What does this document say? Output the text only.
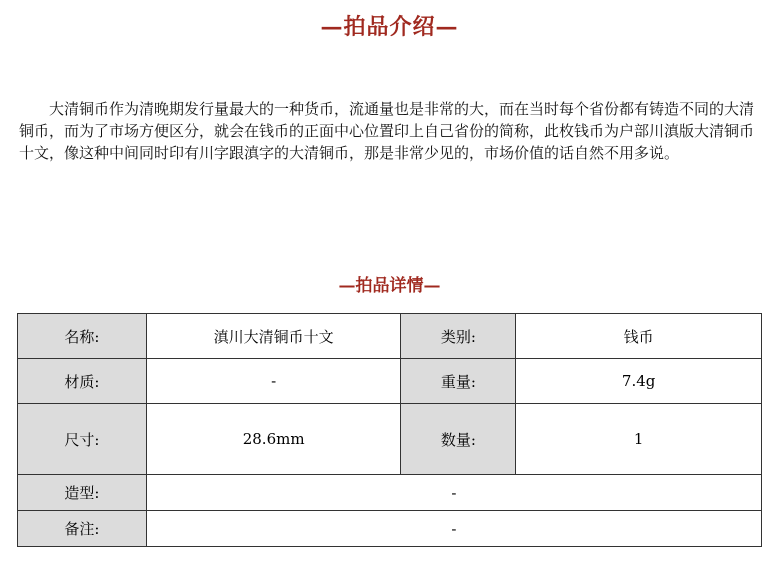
—拍品介绍—

大清铜币作为清晚期发行量最大的一种货币，流通量也是非常的大，而在当时每个省份都有铸造不同的大清铜币，而为了市场方便区分，就会在钱币的正面中心位置印上自己省份的简称，此枚钱币为户部川滇版大清铜币十文，像这种中间同时印有川字跟滇字的大清铜币，那是非常少见的，市场价值的话自然不用多说。

—拍品详情—
名称:	滇川大清铜币十文	类别:	钱币
材质:	-	重量:	7.4g
尺寸:	28.6mm	数量:	1
造型:	-		
备注:	-		
